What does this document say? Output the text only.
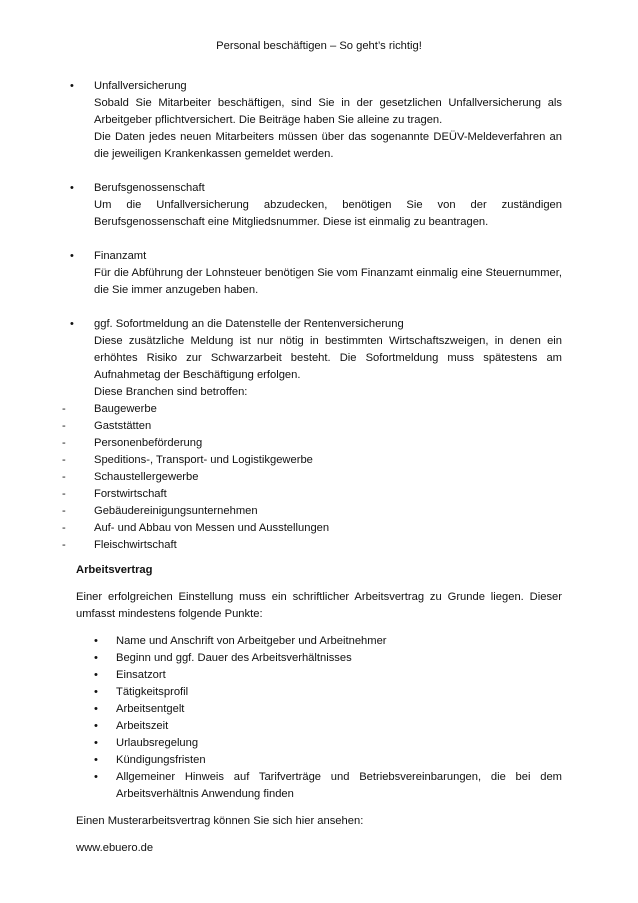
Personal beschäftigen – So geht’s richtig!
• Unfallversicherung

Sobald Sie Mitarbeiter beschäftigen, sind Sie in der gesetzlichen Unfallversicherung als Arbeitgeber pflichtversichert. Die Beiträge haben Sie alleine zu tragen.

Die Daten jedes neuen Mitarbeiters müssen über das sogenannte DEÜV-Meldeverfahren an die jeweiligen Krankenkassen gemeldet werden.

• Berufsgenossenschaft

Um die Unfallversicherung abzudecken, benötigen Sie von der zuständigen Berufsgenossenschaft eine Mitgliedsnummer. Diese ist einmalig zu beantragen.

• Finanzamt

Für die Abführung der Lohnsteuer benötigen Sie vom Finanzamt einmalig eine Steuernummer, die Sie immer anzugeben haben.

• ggf. Sofortmeldung an die Datenstelle der Rentenversicherung

Diese zusätzliche Meldung ist nur nötig in bestimmten Wirtschaftszweigen, in denen ein erhöhtes Risiko zur Schwarzarbeit besteht. Die Sofortmeldung muss spätestens am Aufnahmetag der Beschäftigung erfolgen.

Diese Branchen sind betroffen:

-	Baugewerbe
-	Gaststätten
-	Personenbeförderung
-	Speditions-, Transport- und Logistikgewerbe
-	Schaustellergewerbe
-	Forstwirtschaft
-	Gebäudereinigungsunternehmen
-	Auf- und Abbau von Messen und Ausstellungen
-	Fleischwirtschaft
Arbeitsvertrag

Einer erfolgreichen Einstellung muss ein schriftlicher Arbeitsvertrag zu Grunde liegen. Dieser umfasst mindestens folgende Punkte:

• Name und Anschrift von Arbeitgeber und Arbeitnehmer
• Beginn und ggf. Dauer des Arbeitsverhältnisses
• Einsatzort
• Tätigkeitsprofil
• Arbeitsentgelt
• Arbeitszeit
• Urlaubsregelung
• Kündigungsfristen
• Allgemeiner Hinweis auf Tarifverträge und Betriebsvereinbarungen, die bei dem Arbeitsverhältnis Anwendung finden

Einen Musterarbeitsvertrag können Sie sich hier ansehen:

www.ebuero.de
